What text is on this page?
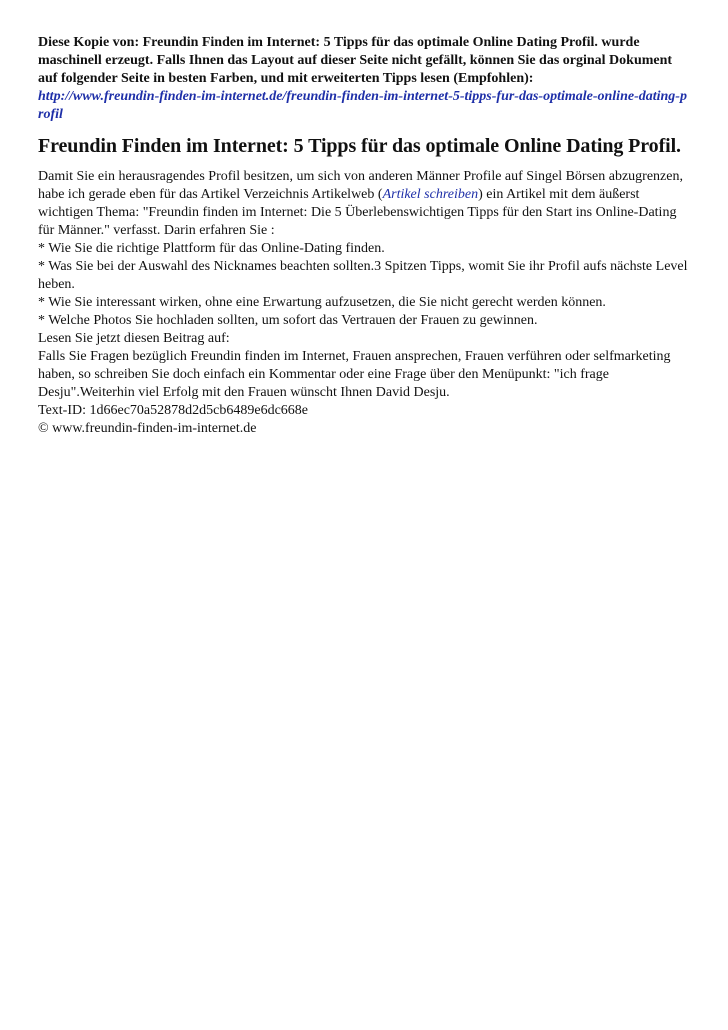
Diese Kopie von: Freundin Finden im Internet: 5 Tipps für das optimale Online Dating Profil. wurde maschinell erzeugt. Falls Ihnen das Layout auf dieser Seite nicht gefällt, können Sie das orginal Dokument auf folgender Seite in besten Farben, und mit erweiterten Tipps lesen (Empfohlen):

http://www.freundin-finden-im-internet.de/freundin-finden-im-internet-5-tipps-fur-das-optimale-online-dating-profil
Freundin Finden im Internet: 5 Tipps für das optimale Online Dating Profil.

Damit Sie ein herausragendes Profil besitzen, um sich von anderen Männer Profile auf Singel Börsen abzugrenzen, habe ich gerade eben für das Artikel Verzeichnis Artikelweb (Artikel schreiben) ein Artikel mit dem äußerst wichtigen Thema: "Freundin finden im Internet: Die 5 Überlebenswichtigen Tipps für den Start ins Online-Dating für Männer." verfasst. Darin erfahren Sie :

* Wie Sie die richtige Plattform für das Online-Dating finden.

* Was Sie bei der Auswahl des Nicknames beachten sollten.3 Spitzen Tipps, womit Sie ihr Profil aufs nächste Level heben.

* Wie Sie interessant wirken, ohne eine Erwartung aufzusetzen, die Sie nicht gerecht werden können.

* Welche Photos Sie hochladen sollten, um sofort das Vertrauen der Frauen zu gewinnen.

Lesen Sie jetzt diesen Beitrag auf:

Falls Sie Fragen bezüglich Freundin finden im Internet, Frauen ansprechen, Frauen verführen oder selfmarketing haben, so schreiben Sie doch einfach ein Kommentar oder eine Frage über den Menüpunkt: "ich frage Desju".Weiterhin viel Erfolg mit den Frauen wünscht Ihnen David Desju.

Text-ID: 1d66ec70a52878d2d5cb6489e6dc668e

© www.freundin-finden-im-internet.de
